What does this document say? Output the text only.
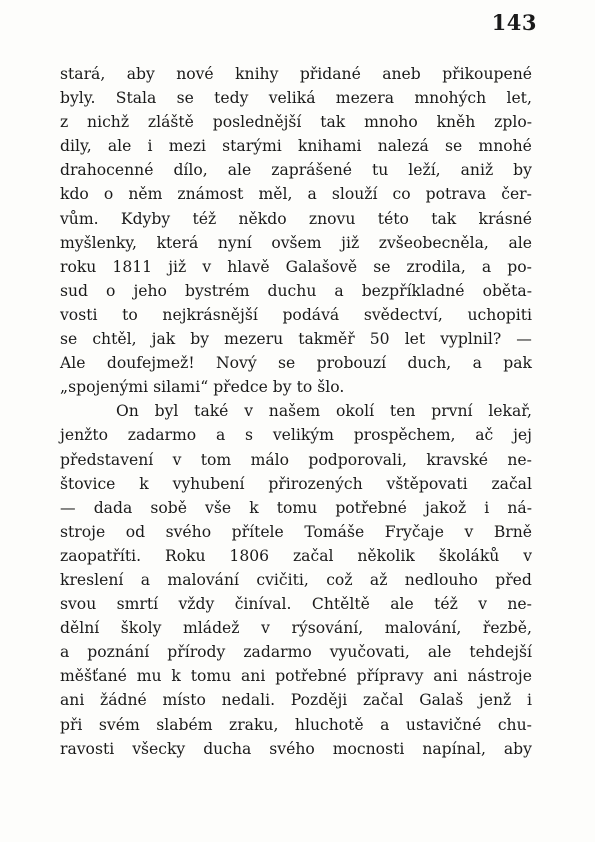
143
stará, aby nové knihy přidané aneb přikoupené
byly. Stala se tedy veliká mezera mnohých let,
z nichž zláště poslednější tak mnoho kněh zplo-
dily, ale i mezi starými knihami nalezá se mnohé
drahocenné dílo, ale zaprášené tu leží, aniž by
kdo o něm známost měl, a slouží co potrava čer-
vům. Kdyby též někdo znovu této tak krásné
myšlenky, která nyní ovšem již zvšeobecněla, ale
roku 1811 již v hlavě Galašově se zrodila, a po-
sud o jeho bystrém duchu a bezpříkladné oběta-
vosti to nejkrásnější podává svědectví, uchopiti
se chtěl, jak by mezeru takměř 50 let vyplnil? —
Ale doufejmež! Nový se probouzí duch, a pak
„spojenými silami“ předce by to šlo.
On byl také v našem okolí ten první lekař,
jenžto zadarmo a s velikým prospěchem, ač jej
představení v tom málo podporovali, kravské ne-
štovice k vyhubení přirozených vštěpovati začal
— dada sobě vše k tomu potřebné jakož i ná-
stroje od svého přítele Tomáše Fryčaje v Brně
zaopatříti. Roku 1806 začal několik školáků v
kreslení a malování cvičiti, což až nedlouho před
svou smrtí vždy činíval. Chtěltě ale též v ne-
dělní školy mládež v rýsování, malování, řezbě,
a poznání přírody zadarmo vyučovati, ale tehdejší
měšťané mu k tomu ani potřebné přípravy ani nástroje
ani žádné místo nedali. Později začal Galaš jenž i
při svém slabém zraku, hluchotě a ustavičné chu-
ravosti všecky ducha svého mocnosti napínal, aby
